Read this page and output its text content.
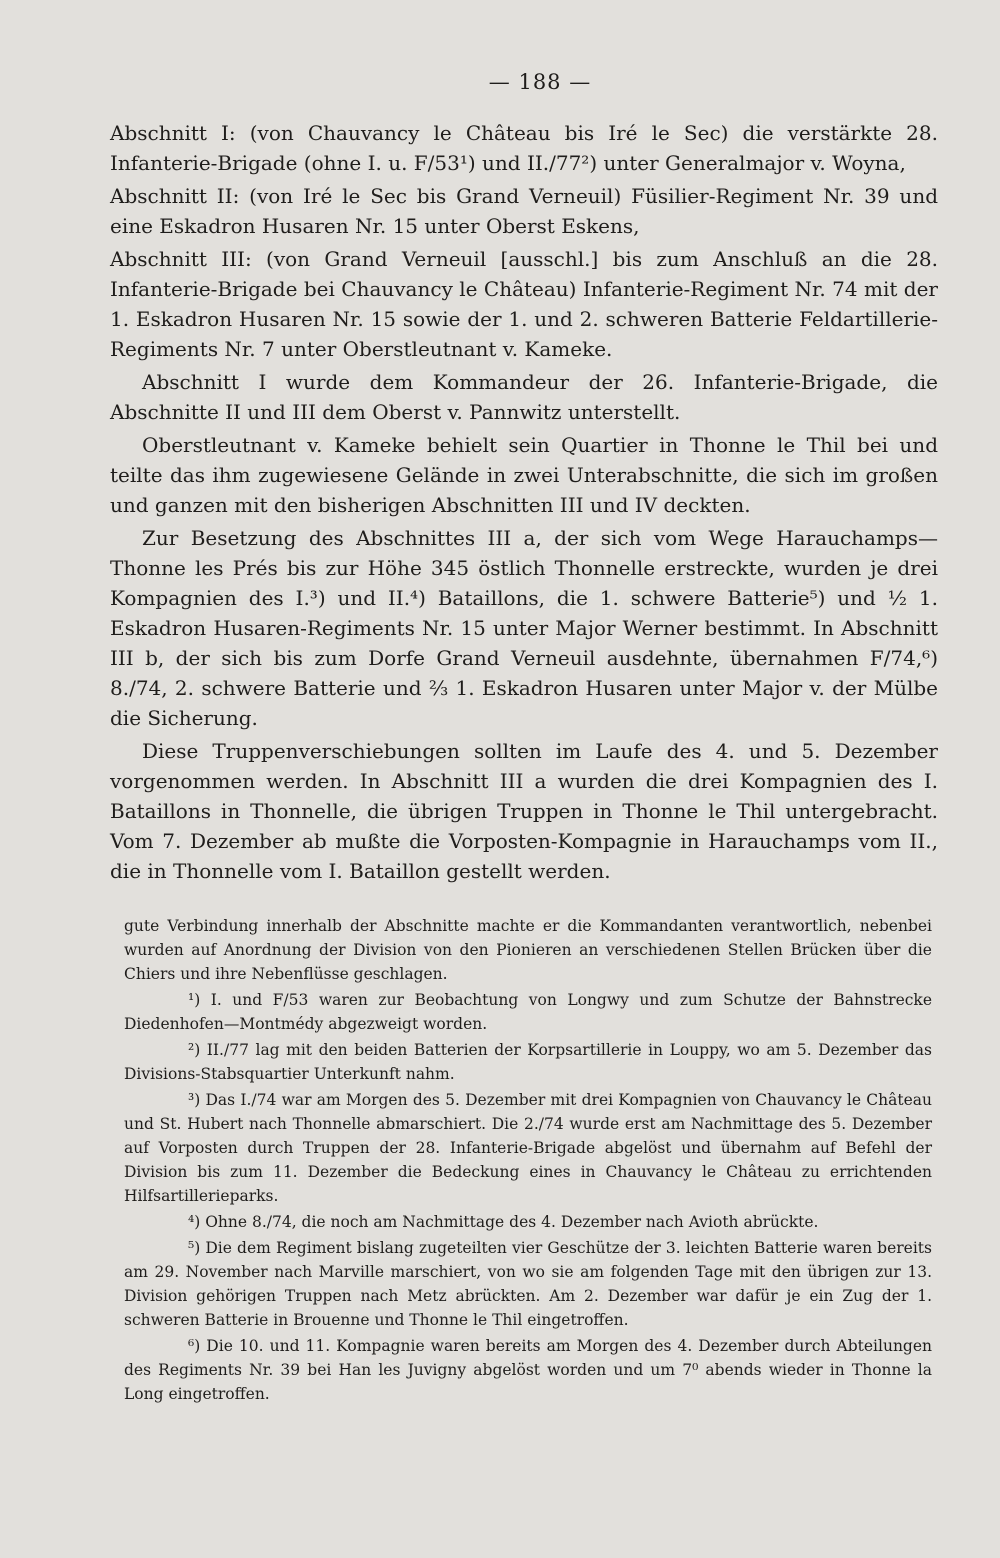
— 188 —

Abschnitt I: (von Chauvancy le Château bis Iré le Sec) die verstärkte 28. Infanterie-Brigade (ohne I. u. F/53¹) und II./77²) unter Generalmajor v. Woyna,

Abschnitt II: (von Iré le Sec bis Grand Verneuil) Füsilier-Regiment Nr. 39 und eine Eskadron Husaren Nr. 15 unter Oberst Eskens,

Abschnitt III: (von Grand Verneuil [ausschl.] bis zum Anschluß an die 28. Infanterie-Brigade bei Chauvancy le Château) Infanterie-Regiment Nr. 74 mit der 1. Eskadron Husaren Nr. 15 sowie der 1. und 2. schweren Batterie Feldartillerie-Regiments Nr. 7 unter Oberstleutnant v. Kameke.

Abschnitt I wurde dem Kommandeur der 26. Infanterie-Brigade, die Abschnitte II und III dem Oberst v. Pannwitz unterstellt.

Oberstleutnant v. Kameke behielt sein Quartier in Thonne le Thil bei und teilte das ihm zugewiesene Gelände in zwei Unterabschnitte, die sich im großen und ganzen mit den bisherigen Abschnitten III und IV deckten.

Zur Besetzung des Abschnittes III a, der sich vom Wege Harauchamps—Thonne les Prés bis zur Höhe 345 östlich Thonnelle erstreckte, wurden je drei Kompagnien des I.³) und II.⁴) Bataillons, die 1. schwere Batterie⁵) und ½ 1. Eskadron Husaren-Regiments Nr. 15 unter Major Werner bestimmt. In Abschnitt III b, der sich bis zum Dorfe Grand Verneuil ausdehnte, übernahmen F/74,⁶) 8./74, 2. schwere Batterie und ⅔ 1. Eskadron Husaren unter Major v. der Mülbe die Sicherung.

Diese Truppenverschiebungen sollten im Laufe des 4. und 5. Dezember vorgenommen werden. In Abschnitt III a wurden die drei Kompagnien des I. Bataillons in Thonnelle, die übrigen Truppen in Thonne le Thil untergebracht. Vom 7. Dezember ab mußte die Vorposten-Kompagnie in Harauchamps vom II., die in Thonnelle vom I. Bataillon gestellt werden.

gute Verbindung innerhalb der Abschnitte machte er die Kommandanten verantwortlich, nebenbei wurden auf Anordnung der Division von den Pionieren an verschiedenen Stellen Brücken über die Chiers und ihre Nebenflüsse geschlagen.

¹) I. und F/53 waren zur Beobachtung von Longwy und zum Schutze der Bahnstrecke Diedenhofen—Montmédy abgezweigt worden.

²) II./77 lag mit den beiden Batterien der Korpsartillerie in Louppy, wo am 5. Dezember das Divisions-Stabsquartier Unterkunft nahm.

³) Das I./74 war am Morgen des 5. Dezember mit drei Kompagnien von Chauvancy le Château und St. Hubert nach Thonnelle abmarschiert. Die 2./74 wurde erst am Nachmittage des 5. Dezember auf Vorposten durch Truppen der 28. Infanterie-Brigade abgelöst und übernahm auf Befehl der Division bis zum 11. Dezember die Bedeckung eines in Chauvancy le Château zu errichtenden Hilfsartillerieparks.

⁴) Ohne 8./74, die noch am Nachmittage des 4. Dezember nach Avioth abrückte.

⁵) Die dem Regiment bislang zugeteilten vier Geschütze der 3. leichten Batterie waren bereits am 29. November nach Marville marschiert, von wo sie am folgenden Tage mit den übrigen zur 13. Division gehörigen Truppen nach Metz abrückten. Am 2. Dezember war dafür je ein Zug der 1. schweren Batterie in Brouenne und Thonne le Thil eingetroffen.

⁶) Die 10. und 11. Kompagnie waren bereits am Morgen des 4. Dezember durch Abteilungen des Regiments Nr. 39 bei Han les Juvigny abgelöst worden und um 7⁰ abends wieder in Thonne la Long eingetroffen.
